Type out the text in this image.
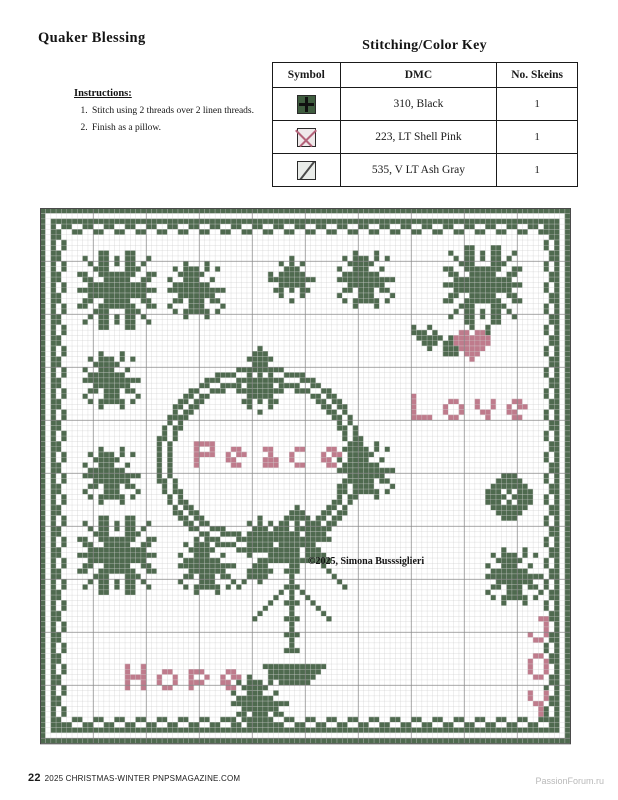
Quaker Blessing
Instructions:
1. Stitch using 2 threads over 2 linen threads.
2. Finish as a pillow.
Stitching/Color Key
Symbol	DMC	No. Skeins
	310, Black	1
	223, LT Shell Pink	1
	535, V LT Ash Gray	1
©2025, Simona Busssiglieri
22 2025 CHRISTMAS-WINTER PNPSMAGAZINE.COM	PassionForum.ru
